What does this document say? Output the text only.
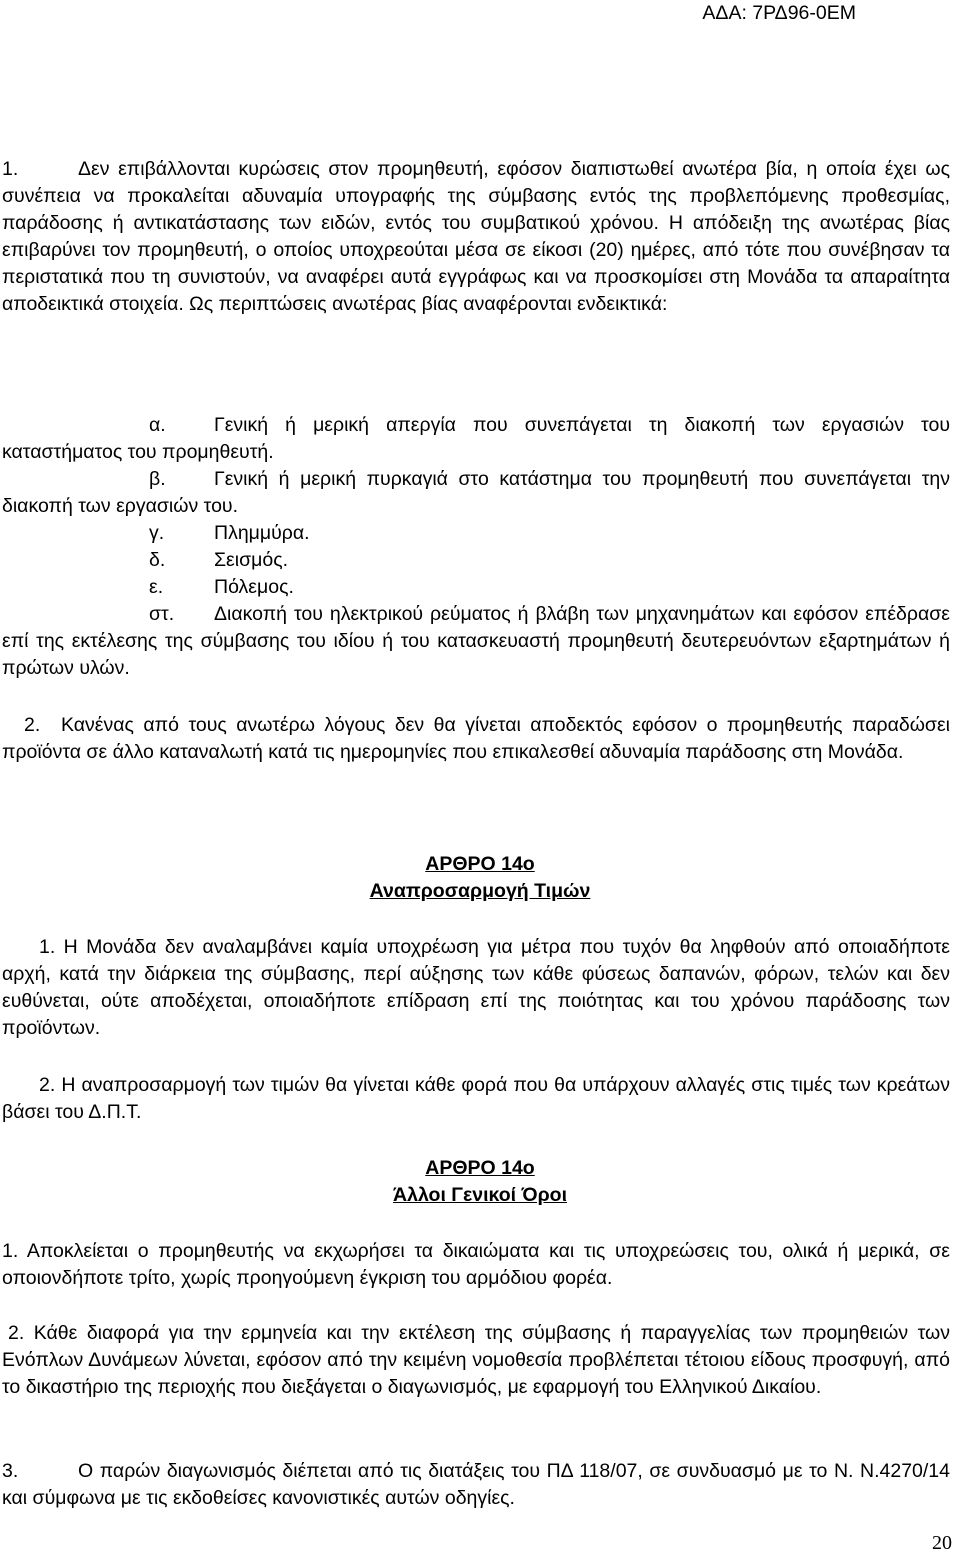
ΑΔΑ: 7ΡΔ96-0ΕΜ

1.	Δεν επιβάλλονται κυρώσεις στον προμηθευτή, εφόσον διαπιστωθεί ανωτέρα βία, η οποία έχει ως συνέπεια να προκαλείται αδυναμία υπογραφής της σύμβασης εντός της προβλεπόμενης προθεσμίας, παράδοσης ή αντικατάστασης των ειδών, εντός του συμβατικού χρόνου. Η απόδειξη της ανωτέρας βίας επιβαρύνει τον προμηθευτή, ο οποίος υποχρεούται μέσα σε είκοσι (20) ημέρες, από τότε που συνέβησαν τα περιστατικά που τη συνιστούν, να αναφέρει αυτά εγγράφως και να προσκομίσει στη Μονάδα τα απαραίτητα αποδεικτικά στοιχεία. Ως περιπτώσεις ανωτέρας βίας αναφέρονται ενδεικτικά:

α. Γενική ή μερική απεργία που συνεπάγεται τη διακοπή των εργασιών του καταστήματος του προμηθευτή.

β. Γενική ή μερική πυρκαγιά στο κατάστημα του προμηθευτή που συνεπάγεται την διακοπή των εργασιών του.

γ.	Πλημμύρα.
δ. Σεισμός.
ε.	Πόλεμος.

στ. Διακοπή του ηλεκτρικού ρεύματος ή βλάβη των μηχανημάτων και εφόσον επέδρασε επί της εκτέλεσης της σύμβασης του ιδίου ή του κατασκευαστή προμηθευτή δευτερευόντων εξαρτημάτων ή πρώτων υλών.

2. Κανένας από τους ανωτέρω λόγους δεν θα γίνεται αποδεκτός εφόσον ο προμηθευτής παραδώσει προϊόντα σε άλλο καταναλωτή κατά τις ημερομηνίες που επικαλεσθεί αδυναμία παράδοσης στη Μονάδα.

ΑΡΘΡΟ 14ο
Αναπροσαρμογή Τιμών

1. Η Μονάδα δεν αναλαμβάνει καμία υποχρέωση για μέτρα που τυχόν θα ληφθούν από οποιαδήποτε αρχή, κατά την διάρκεια της σύμβασης, περί αύξησης των κάθε φύσεως δαπανών, φόρων, τελών και δεν ευθύνεται, ούτε αποδέχεται, οποιαδήποτε επίδραση επί της ποιότητας και του χρόνου παράδοσης των προϊόντων.

2. Η αναπροσαρμογή των τιμών θα γίνεται κάθε φορά που θα υπάρχουν αλλαγές στις τιμές των κρεάτων βάσει του Δ.Π.Τ.

ΑΡΘΡΟ 14ο
Άλλοι Γενικοί Όροι

1. Αποκλείεται ο προμηθευτής να εκχωρήσει τα δικαιώματα και τις υποχρεώσεις του, ολικά ή μερικά, σε οποιονδήποτε τρίτο, χωρίς προηγούμενη έγκριση του αρμόδιου φορέα.

2. Κάθε διαφορά για την ερμηνεία και την εκτέλεση της σύμβασης ή παραγγελίας των προμηθειών των Ενόπλων Δυνάμεων λύνεται, εφόσον από την κειμένη νομοθεσία προβλέπεται τέτοιου είδους προσφυγή, από το δικαστήριο της περιοχής που διεξάγεται ο διαγωνισμός, με εφαρμογή του Ελληνικού Δικαίου.

3.	Ο παρών διαγωνισμός διέπεται από τις διατάξεις του ΠΔ 118/07, σε συνδυασμό με το Ν. Ν.4270/14 και σύμφωνα με τις εκδοθείσες κανονιστικές αυτών οδηγίες.

20
